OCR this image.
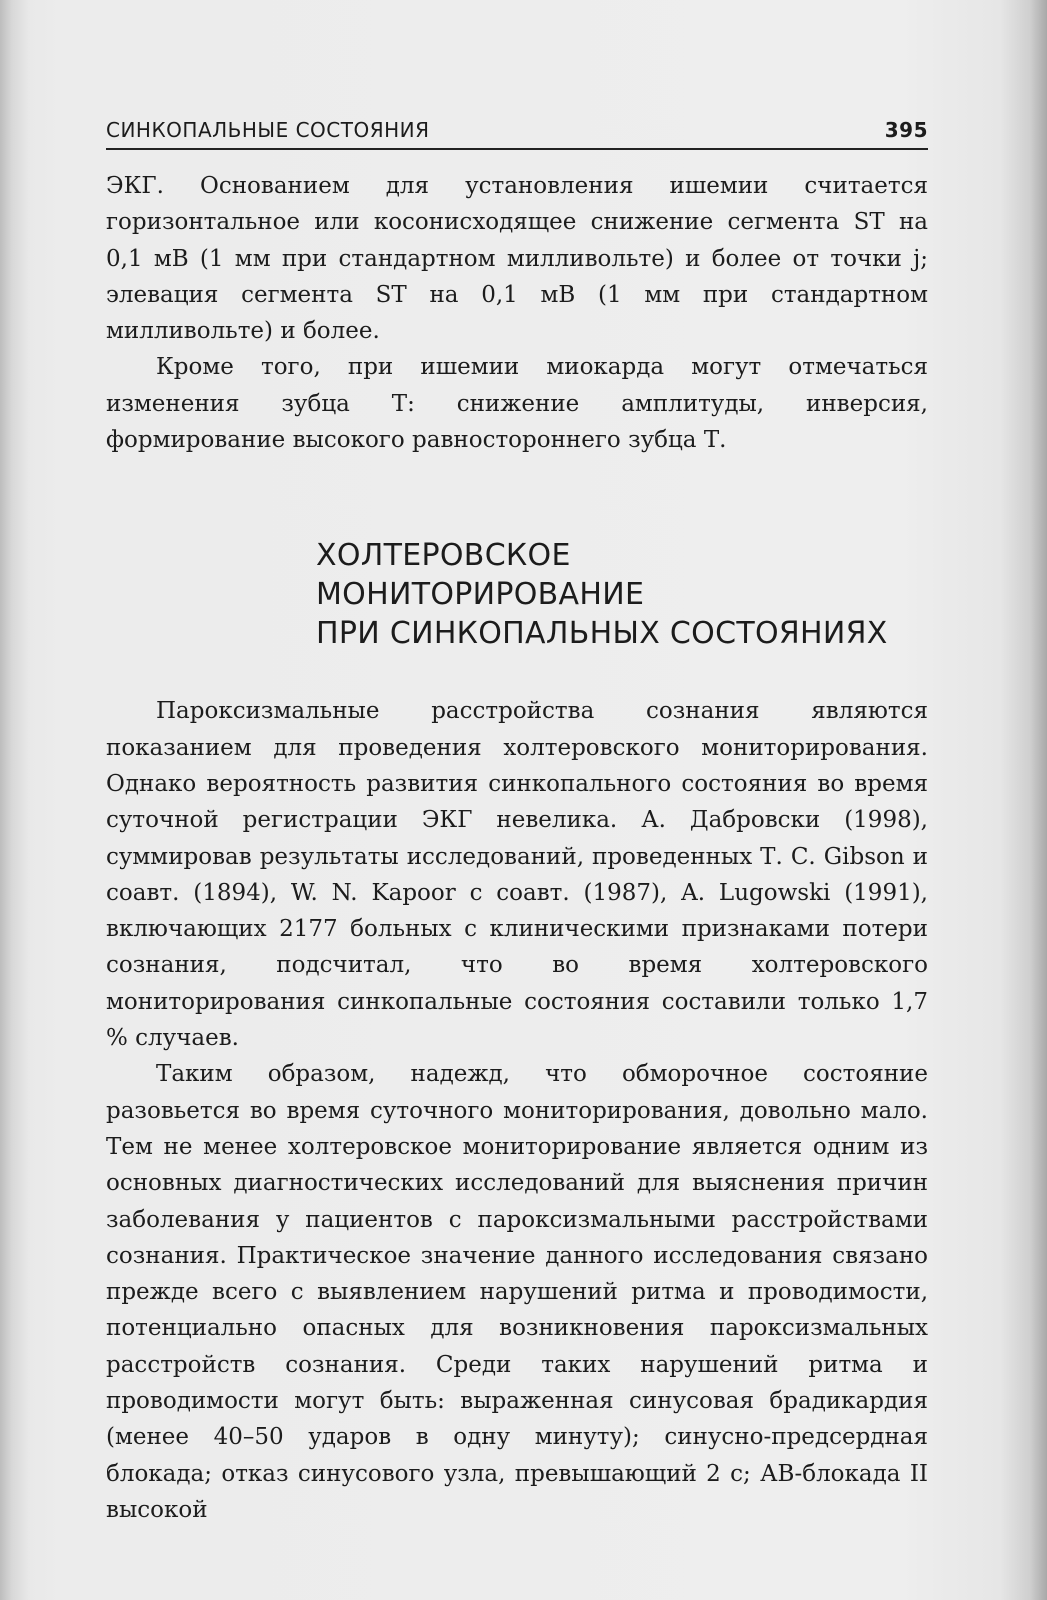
СИНКОПАЛЬНЫЕ СОСТОЯНИЯ	395

ЭКГ. Основанием для установления ишемии считается горизонтальное или косонисходящее снижение сегмента ST на 0,1 мВ (1 мм при стандартном милливольте) и более от точки j; элевация сегмента ST на 0,1 мВ (1 мм при стандартном милливольте) и более.

Кроме того, при ишемии миокарда могут отмечаться изменения зубца Т: снижение амплитуды, инверсия, формирование высокого равностороннего зубца Т.

ХОЛТЕРОВСКОЕ
МОНИТОРИРОВАНИЕ
ПРИ СИНКОПАЛЬНЫХ СОСТОЯНИЯХ

Пароксизмальные расстройства сознания являются показанием для проведения холтеровского мониторирования. Однако вероятность развития синкопального состояния во время суточной регистрации ЭКГ невелика. А. Дабровски (1998), суммировав результаты исследований, проведенных Т. С. Gibson и соавт. (1894), W. N. Kapoor с соавт. (1987), A. Lugowski (1991), включающих 2177 больных с клиническими признаками потери сознания, подсчитал, что во время холтеровского мониторирования синкопальные состояния составили только 1,7 % случаев.

Таким образом, надежд, что обморочное состояние разовьется во время суточного мониторирования, довольно мало. Тем не менее холтеровское мониторирование является одним из основных диагностических исследований для выяснения причин заболевания у пациентов с пароксизмальными расстройствами сознания. Практическое значение данного исследования связано прежде всего с выявлением нарушений ритма и проводимости, потенциально опасных для возникновения пароксизмальных расстройств сознания. Среди таких нарушений ритма и проводимости могут быть: выраженная синусовая брадикардия (менее 40–50 ударов в одну минуту); синусно-предсердная блокада; отказ синусового узла, превышающий 2 с; АВ-блокада II высокой
